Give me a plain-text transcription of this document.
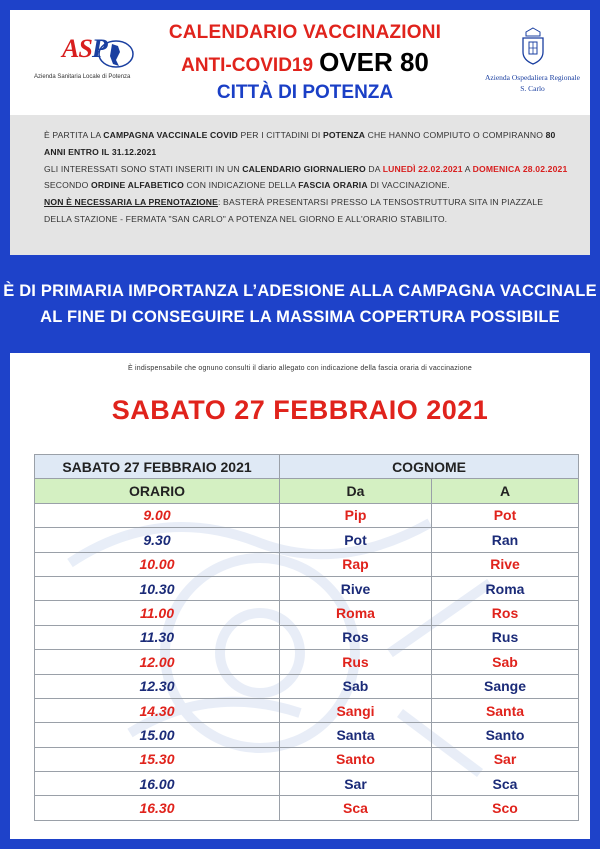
ASP
Azienda Sanitaria Locale di Potenza
CALENDARIO VACCINAZIONI
ANTI-COVID19 OVER 80
CITTÀ DI POTENZA
Azienda Ospedaliera Regionale
S. Carlo

È PARTITA LA CAMPAGNA VACCINALE COVID PER I CITTADINI DI POTENZA CHE HANNO COMPIUTO O COMPIRANNO 80 ANNI ENTRO IL 31.12.2021

GLI INTERESSATI SONO STATI INSERITI IN UN CALENDARIO GIORNALIERO DA LUNEDÌ 22.02.2021 A DOMENICA 28.02.2021 SECONDO ORDINE ALFABETICO CON INDICAZIONE DELLA FASCIA ORARIA DI VACCINAZIONE.

NON È NECESSARIA LA PRENOTAZIONE: BASTERÀ PRESENTARSI PRESSO LA TENSOSTRUTTURA SITA IN PIAZZALE DELLA STAZIONE - FERMATA "SAN CARLO" A POTENZA NEL GIORNO E ALL'ORARIO STABILITO.

È DI PRIMARIA IMPORTANZA L’ADESIONE ALLA CAMPAGNA VACCINALE
AL FINE DI CONSEGUIRE LA MASSIMA COPERTURA POSSIBILE
È indispensabile che ognuno consulti il diario allegato con indicazione della fascia oraria di vaccinazione
SABATO 27 FEBBRAIO 2021
SABATO 27 FEBBRAIO 2021	COGNOME	
ORARIO	Da	A
9.00	Pip	Pot
9.30	Pot	Ran
10.00	Rap	Rive
10.30	Rive	Roma
11.00	Roma	Ros
11.30	Ros	Rus
12.00	Rus	Sab
12.30	Sab	Sange
14.30	Sangi	Santa
15.00	Santa	Santo
15.30	Santo	Sar
16.00	Sar	Sca
16.30	Sca	Sco
